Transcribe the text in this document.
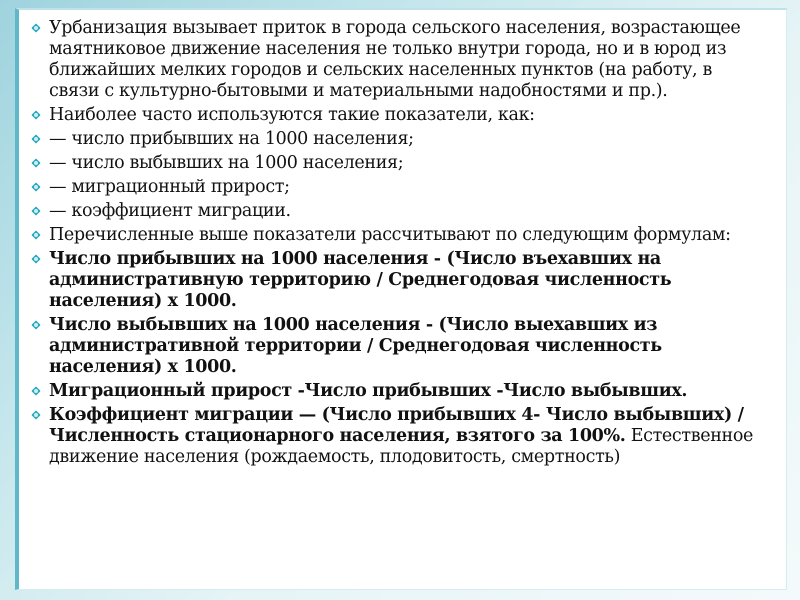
Урбанизация вызывает приток в города сельского населения, возрастающее маятниковое движение населения не только внутри города, но и в юрод из ближайших мелких городов и сельских населенных пунктов (на работу, в связи с культурно-бытовыми и материальными надобностями и пр.).
Наиболее часто используются такие показатели, как:
— число прибывших на 1000 населения;
— число выбывших на 1000 населения;
— миграционный прирост;
— коэффициент миграции.
Перечисленные выше показатели рассчитывают по следующим формулам:
Число прибывших на 1000 населения - (Число въехавших на административную территорию / Среднегодовая численность населения) х 1000.
Число выбывших на 1000 населения - (Число выехавших из административной территории / Среднегодовая численность населения) х 1000.
Миграционный прирост -Число прибывших -Число выбывших.
Коэффициент миграции — (Число прибывших 4- Число выбывших) / Численность стационарного населения, взятого за 100%. Естественное движение населения (рождаемость, плодовитость, смертность)
